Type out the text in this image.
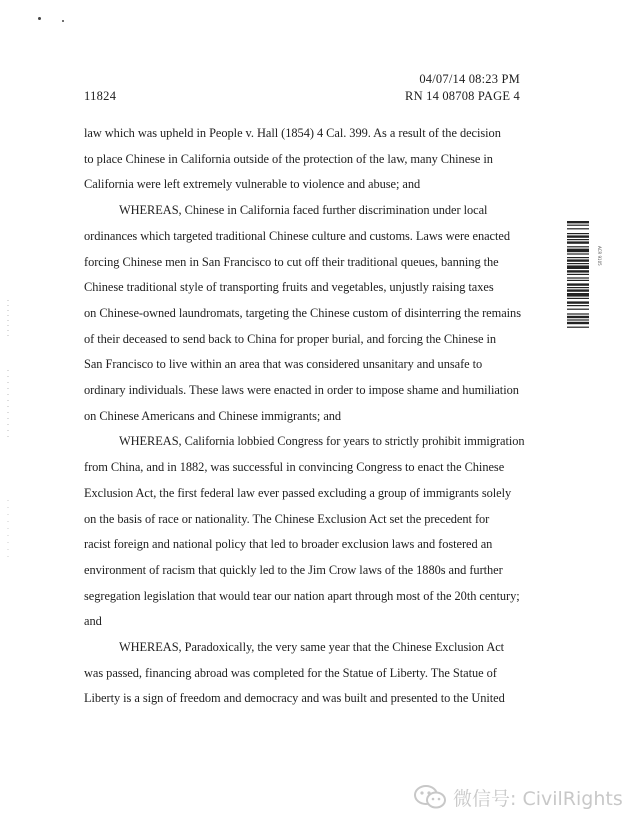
04/07/14 08:23 PM
RN 14 08708 PAGE 4
11824
law which was upheld in People v. Hall (1854) 4 Cal. 399. As a result of the decision
to place Chinese in California outside of the protection of the law, many Chinese in
California were left extremely vulnerable to violence and abuse; and
WHEREAS, Chinese in California faced further discrimination under local
ordinances which targeted traditional Chinese culture and customs. Laws were enacted
forcing Chinese men in San Francisco to cut off their traditional queues, banning the
Chinese traditional style of transporting fruits and vegetables, unjustly raising taxes
on Chinese-owned laundromats, targeting the Chinese custom of disinterring the remains
of their deceased to send back to China for proper burial, and forcing the Chinese in
San Francisco to live within an area that was considered unsanitary and unsafe to
ordinary individuals. These laws were enacted in order to impose shame and humiliation
on Chinese Americans and Chinese immigrants; and
WHEREAS, California lobbied Congress for years to strictly prohibit immigration
from China, and in 1882, was successful in convincing Congress to enact the Chinese
Exclusion Act, the first federal law ever passed excluding a group of immigrants solely
on the basis of race or nationality. The Chinese Exclusion Act set the precedent for
racist foreign and national policy that led to broader exclusion laws and fostered an
environment of racism that quickly led to the Jim Crow laws of the 1880s and further
segregation legislation that would tear our nation apart through most of the 20th century;
and
WHEREAS, Paradoxically, the very same year that the Chinese Exclusion Act
was passed, financing abroad was completed for the Statue of Liberty. The Statue of
Liberty is a sign of freedom and democracy and was built and presented to the United
ACR 9105
微信号: CivilRights
